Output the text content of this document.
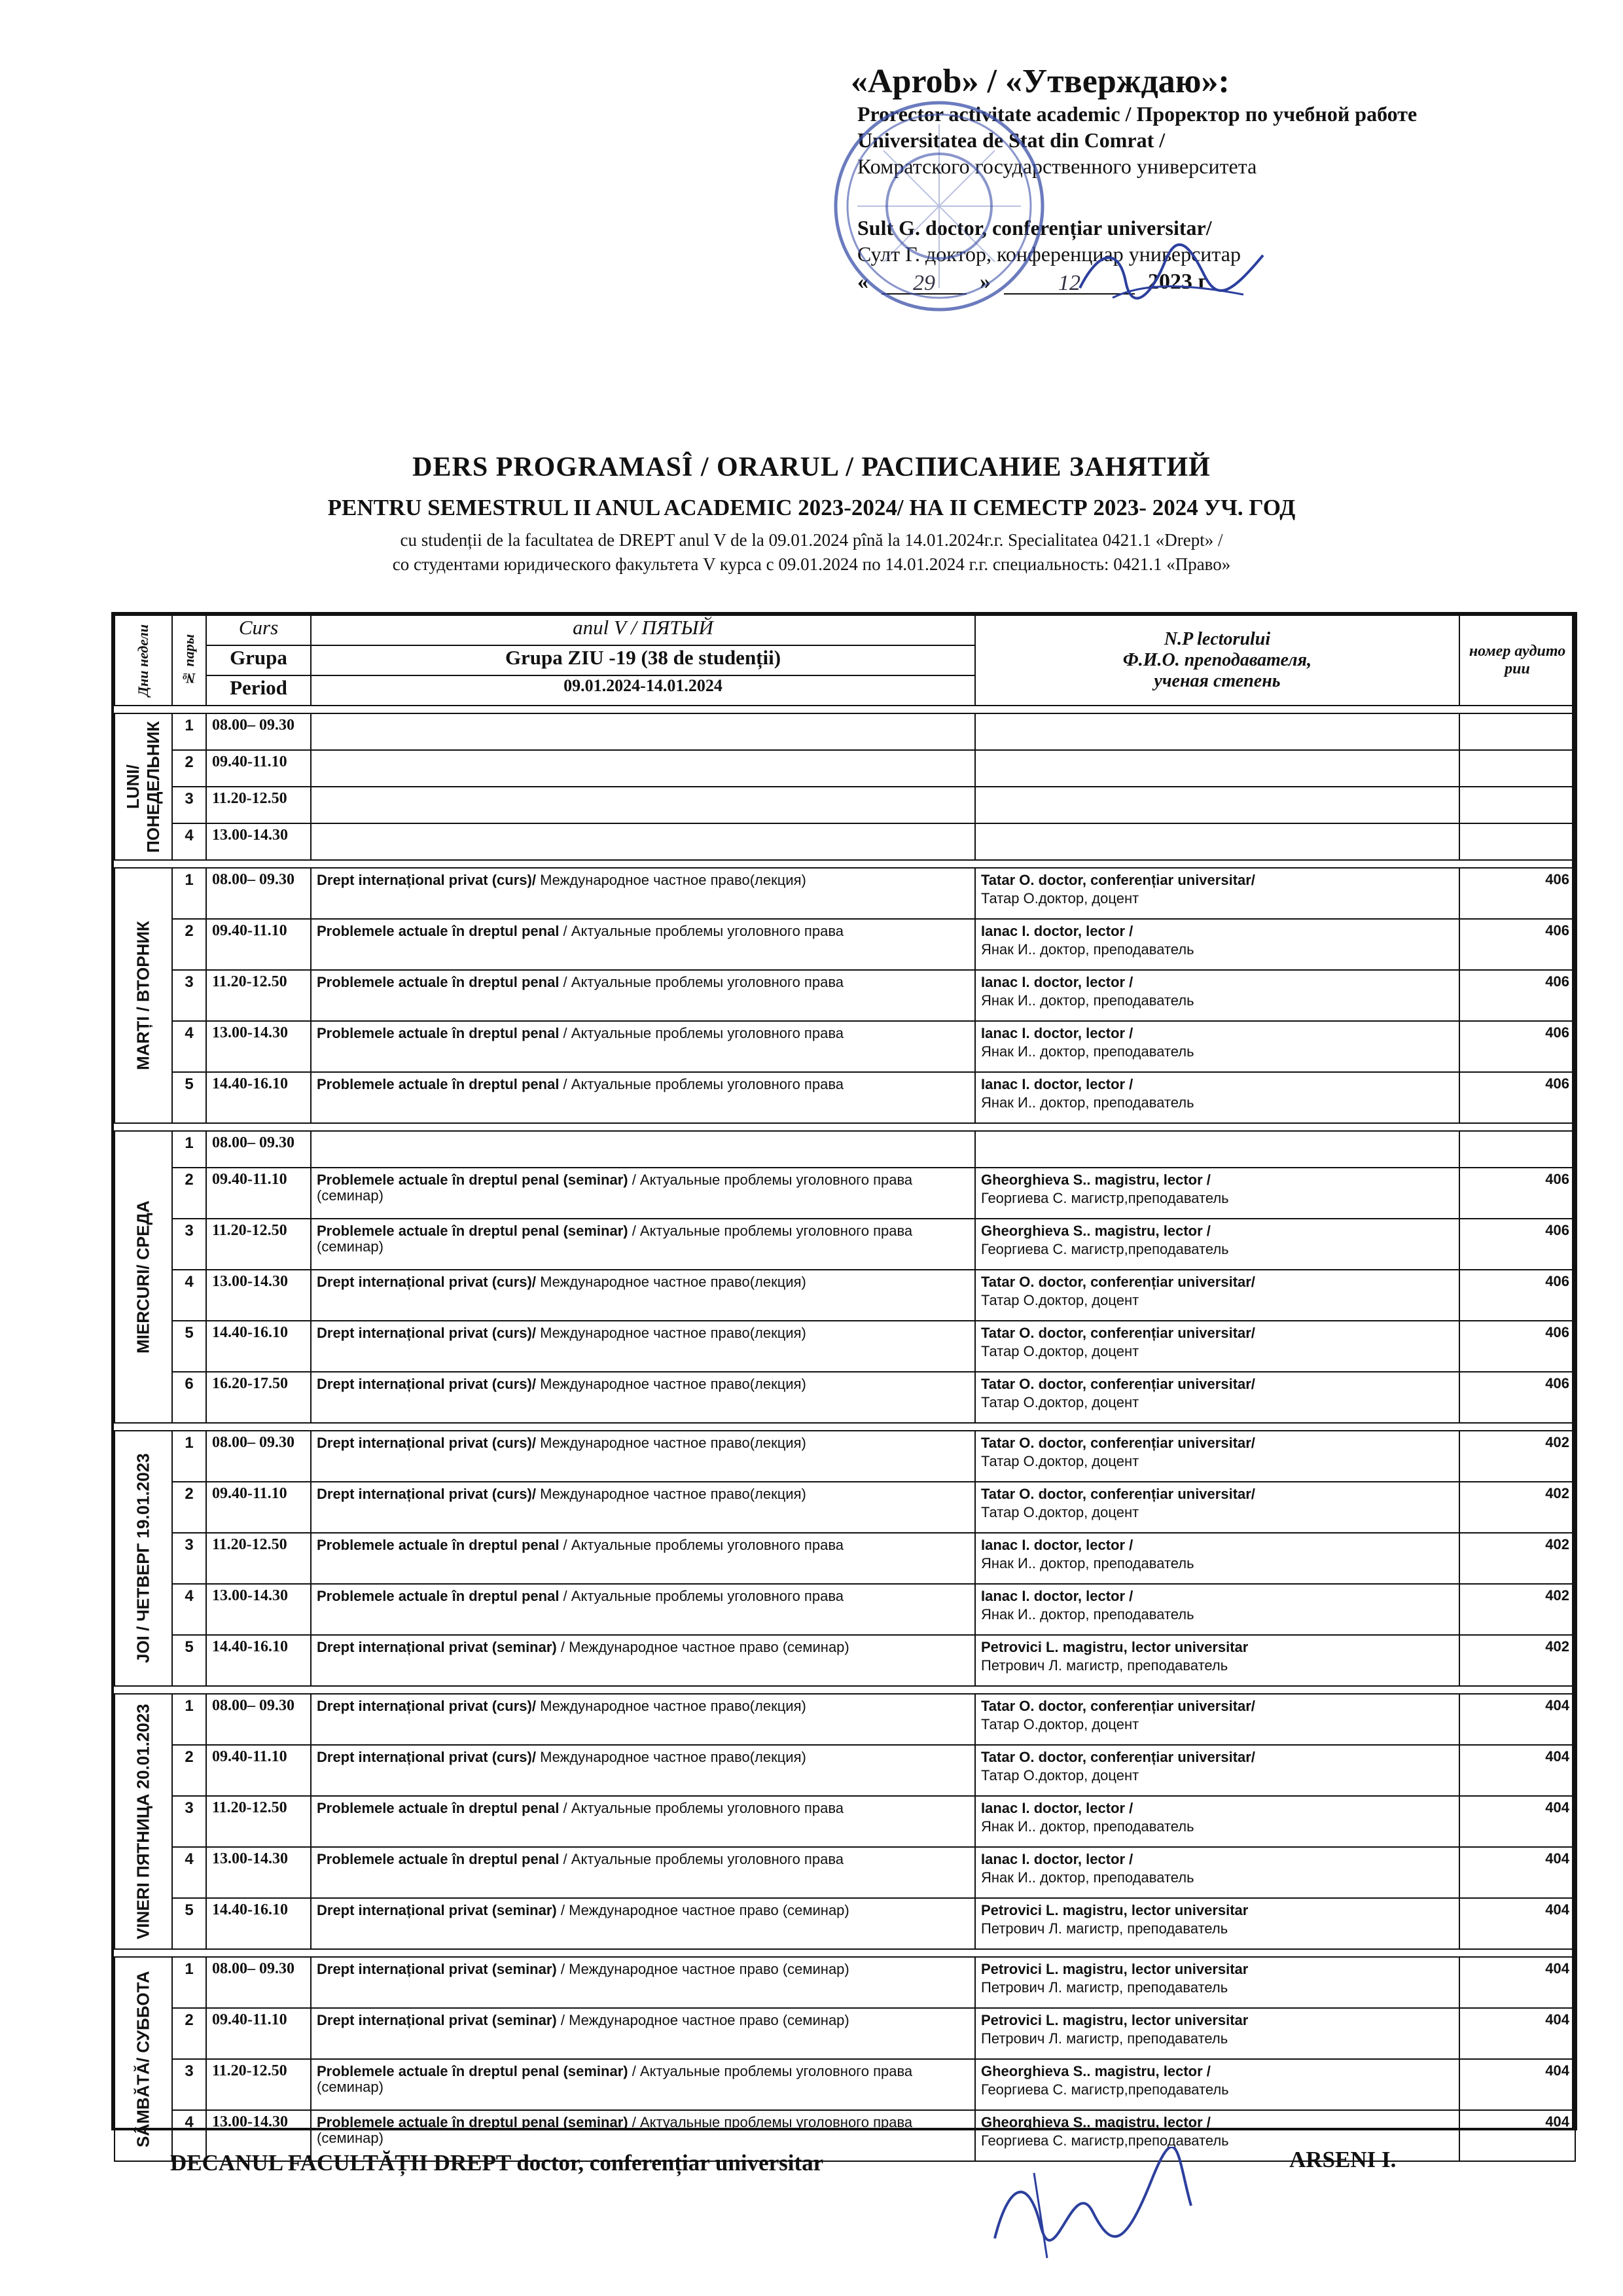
«Aprob» / «Утверждаю»:
Prorector activitate academic / Проректор по учебной работе
Universitatea de Stat din Comrat /
Комратского государственного университета
Sult G. doctor, conferențiar universitar/
Султ Г. доктор, конференциар университар
«	29	»	12	2023 г
DERS PROGRAMASÎ / ORARUL / РАСПИСАНИЕ ЗАНЯТИЙ
PENTRU SEMESTRUL II ANUL ACADEMIC 2023-2024/ НА II СЕМЕСТР 2023- 2024 УЧ. ГОД
cu studenții de la facultatea de DREPT anul V de la 09.01.2024 pînă la 14.01.2024г.г. Specialitatea 0421.1 «Drept» /
со студентами юридического факультета V курса с 09.01.2024 по 14.01.2024 г.г. специальность: 0421.1 «Право»
Дни недели	№ пары	Curs	anul V / ПЯТЫЙ	N.P lectorului
Ф.И.О. преподавателя,
ученая степень	номер аудитории
		Grupa	Grupa ZIU -19 (38 de studenții)		
		Period	09.01.2024-14.01.2024		

LUNI/ ПОНЕДЕЛЬНИК	1	08.00– 09.30		

	2	09.40-11.10		

	3	11.20-12.50		

	4	13.00-14.30		

MARȚI / ВТОРНИК	1	08.00– 09.30	Drept internațional privat (curs)/ Международное частное право(лекция)	Tatar O. doctor, conferențiar universitar/
Татар О.доктор, доцент	406
	2	09.40-11.10	Problemele actuale în dreptul penal / Актуальные проблемы уголовного права	Ianac I. doctor, lector /
Янак И.. доктор, преподаватель	406
	3	11.20-12.50	Problemele actuale în dreptul penal / Актуальные проблемы уголовного права	Ianac I. doctor, lector /
Янак И.. доктор, преподаватель	406
	4	13.00-14.30	Problemele actuale în dreptul penal / Актуальные проблемы уголовного права	Ianac I. doctor, lector /
Янак И.. доктор, преподаватель	406
	5	14.40-16.10	Problemele actuale în dreptul penal / Актуальные проблемы уголовного права	Ianac I. doctor, lector /
Янак И.. доктор, преподаватель	406

MIERCURI/ СРЕДА	1	08.00– 09.30		

	2	09.40-11.10	Problemele actuale în dreptul penal (seminar) / Актуальные проблемы уголовного права (семинар)	Gheorghieva S.. magistru, lector /
Георгиева С. магистр,преподаватель	406
	3	11.20-12.50	Problemele actuale în dreptul penal (seminar) / Актуальные проблемы уголовного права (семинар)	Gheorghieva S.. magistru, lector /
Георгиева С. магистр,преподаватель	406
	4	13.00-14.30	Drept internațional privat (curs)/ Международное частное право(лекция)	Tatar O. doctor, conferențiar universitar/
Татар О.доктор, доцент	406
	5	14.40-16.10	Drept internațional privat (curs)/ Международное частное право(лекция)	Tatar O. doctor, conferențiar universitar/
Татар О.доктор, доцент	406
	6	16.20-17.50	Drept internațional privat (curs)/ Международное частное право(лекция)	Tatar O. doctor, conferențiar universitar/
Татар О.доктор, доцент	406

JOI / ЧЕТВЕРГ 19.01.2023	1	08.00– 09.30	Drept internațional privat (curs)/ Международное частное право(лекция)	Tatar O. doctor, conferențiar universitar/
Татар О.доктор, доцент	402
	2	09.40-11.10	Drept internațional privat (curs)/ Международное частное право(лекция)	Tatar O. doctor, conferențiar universitar/
Татар О.доктор, доцент	402
	3	11.20-12.50	Problemele actuale în dreptul penal / Актуальные проблемы уголовного права	Ianac I. doctor, lector /
Янак И.. доктор, преподаватель	402
	4	13.00-14.30	Problemele actuale în dreptul penal / Актуальные проблемы уголовного права	Ianac I. doctor, lector /
Янак И.. доктор, преподаватель	402
	5	14.40-16.10	Drept internațional privat (seminar) / Международное частное право (семинар)	Petrovici L. magistru, lector universitar
Петрович Л. магистр, преподаватель	402

VINERI ПЯТНИЦА 20.01.2023	1	08.00– 09.30	Drept internațional privat (curs)/ Международное частное право(лекция)	Tatar O. doctor, conferențiar universitar/
Татар О.доктор, доцент	404
	2	09.40-11.10	Drept internațional privat (curs)/ Международное частное право(лекция)	Tatar O. doctor, conferențiar universitar/
Татар О.доктор, доцент	404
	3	11.20-12.50	Problemele actuale în dreptul penal / Актуальные проблемы уголовного права	Ianac I. doctor, lector /
Янак И.. доктор, преподаватель	404
	4	13.00-14.30	Problemele actuale în dreptul penal / Актуальные проблемы уголовного права	Ianac I. doctor, lector /
Янак И.. доктор, преподаватель	404
	5	14.40-16.10	Drept internațional privat (seminar) / Международное частное право (семинар)	Petrovici L. magistru, lector universitar
Петрович Л. магистр, преподаватель	404

SÂMBĂTĂ/ СУББОТА	1	08.00– 09.30	Drept internațional privat (seminar) / Международное частное право (семинар)	Petrovici L. magistru, lector universitar
Петрович Л. магистр, преподаватель	404
	2	09.40-11.10	Drept internațional privat (seminar) / Международное частное право (семинар)	Petrovici L. magistru, lector universitar
Петрович Л. магистр, преподаватель	404
	3	11.20-12.50	Problemele actuale în dreptul penal (seminar) / Актуальные проблемы уголовного права (семинар)	Gheorghieva S.. magistru, lector /
Георгиева С. магистр,преподаватель	404
	4	13.00-14.30	Problemele actuale în dreptul penal (seminar) / Актуальные проблемы уголовного права (семинар)	Gheorghieva S.. magistru, lector /
Георгиева С. магистр,преподаватель	404
DECANUL FACULTĂȚII DREPT doctor, conferențiar universitar	ARSENI I.
